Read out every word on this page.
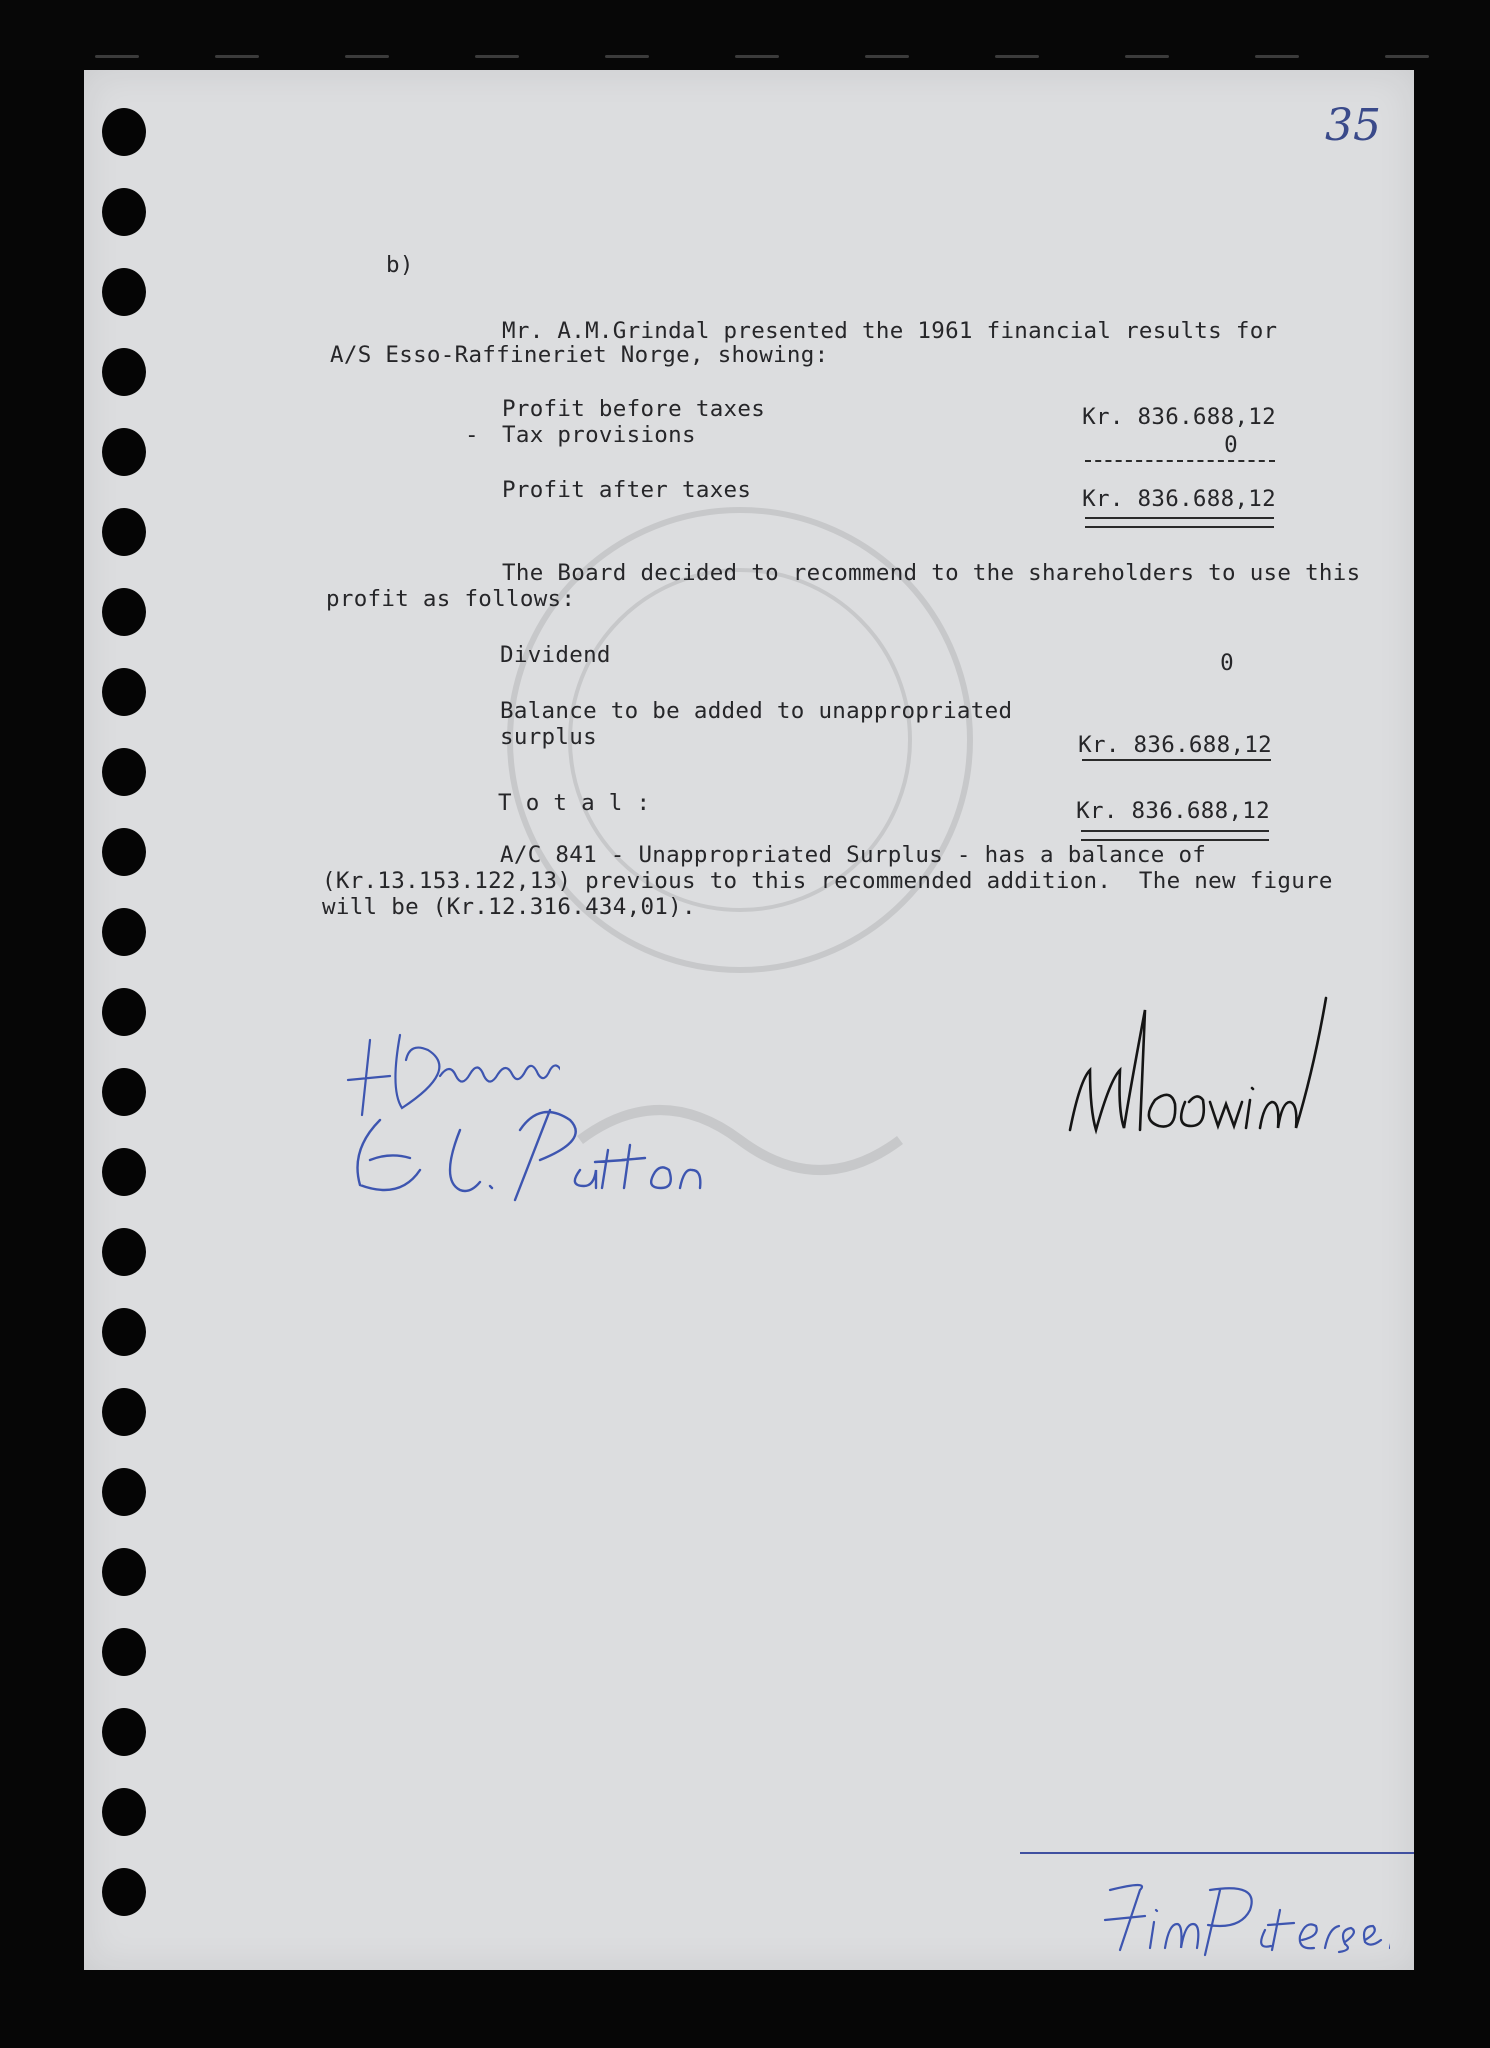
35
b)
Mr. A.M.Grindal presented the 1961 financial results for
A/S Esso-Raffineriet Norge, showing:
Profit before taxes	Kr. 836.688,12
- Tax provisions	0
Profit after taxes	Kr. 836.688,12
The Board decided to recommend to the shareholders to use this
profit as follows:
Dividend	0
Balance to be added to unappropriated
surplus	Kr. 836.688,12
T o t a l :	Kr. 836.688,12
A/C 841 - Unappropriated Surplus - has a balance of
(Kr.13.153.122,13) previous to this recommended addition.  The new figure
will be (Kr.12.316.434,01).
